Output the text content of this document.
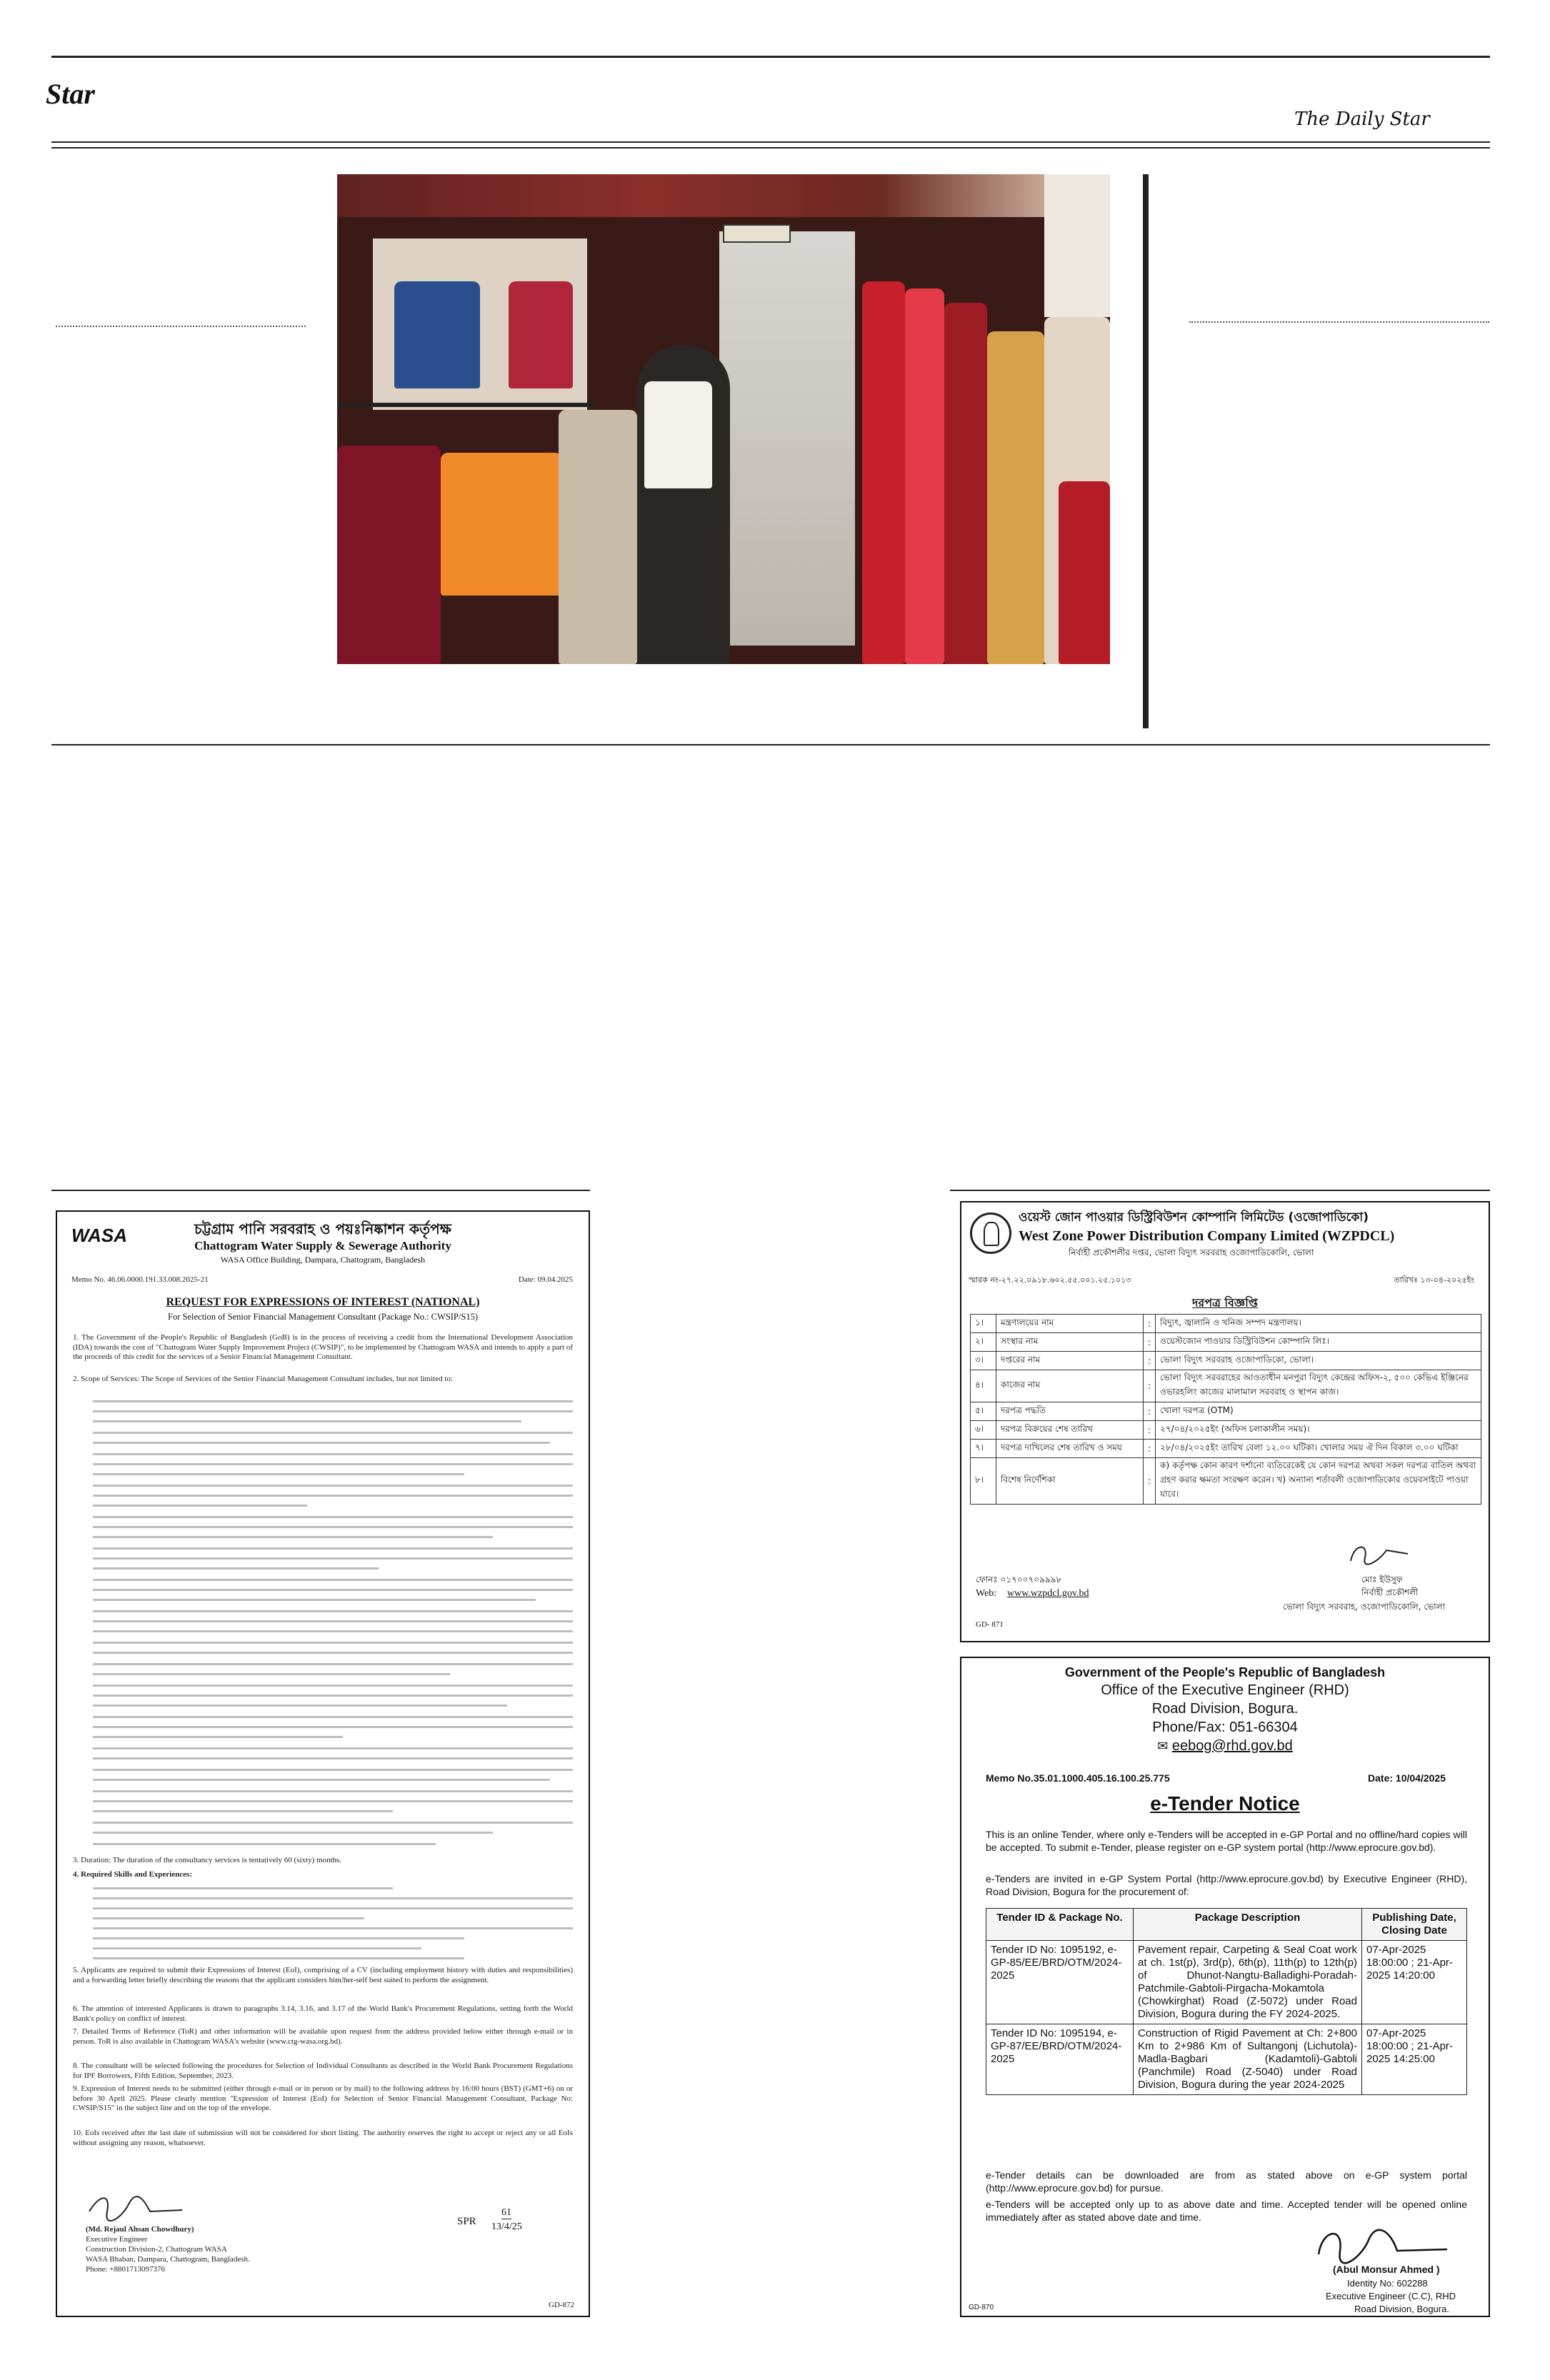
Star
The Daily Star
WASA	চট্টগ্রাম পানি সরবরাহ ও পয়ঃনিষ্কাশন কর্তৃপক্ষ
Chattogram Water Supply & Sewerage Authority
WASA Office Building, Dampara, Chattogram, Bangladesh
Memo No. 46.06.0000.191.33.008.2025-21	Date: 09.04.2025
REQUEST FOR EXPRESSIONS OF INTEREST (NATIONAL)
For Selection of Senior Financial Management Consultant (Package No.: CWSIP/S15)
1. The Government of the People's Republic of Bangladesh (GoB) is in the process of receiving a credit from the International Development Association (IDA) towards the cost of "Chattogram Water Supply Improvement Project (CWSIP)", to be implemented by Chattogram WASA and intends to apply a part of the proceeds of this credit for the services of a Senior Financial Management Consultant.
2. Scope of Services: The Scope of Services of the Senior Financial Management Consultant includes, but not limited to:
3. Duration: The duration of the consultancy services is tentatively 60 (sixty) months.
4. Required Skills and Experiences:
5. Applicants are required to submit their Expressions of Interest (EoI), comprising of a CV (including employment history with duties and responsibilities) and a forwarding letter briefly describing the reasons that the applicant considers him/her-self best suited to perform the assignment.
6. The attention of interested Applicants is drawn to paragraphs 3.14, 3.16, and 3.17 of the World Bank's Procurement Regulations, setting forth the World Bank's policy on conflict of interest.
7. Detailed Terms of Reference (ToR) and other information will be available upon request from the address provided below either through e-mail or in person. ToR is also available in Chattogram WASA's website (www.ctg-wasa.org.bd).
8. The consultant will be selected following the procedures for Selection of Individual Consultants as described in the World Bank Procurement Regulations for IPF Borrowers, Fifth Edition, September, 2023.
9. Expression of Interest needs to be submitted (either through e-mail or in person or by mail) to the following address by 16:00 hours (BST) (GMT+6) on or before 30 April 2025. Please clearly mention "Expression of Interest (EoI) for Selection of Senior Financial Management Consultant, Package No: CWSIP/S15" in the subject line and on the top of the envelope.
10. EoIs received after the last date of submission will not be considered for short listing. The authority reserves the right to accept or reject any or all EoIs without assigning any reason, whatsoever.
(Md. Rejaul Ahsan Chowdhury)
Executive Engineer
Construction Division-2, Chattogram WASA
WASA Bhaban, Dampara, Chattogram, Bangladesh.
Phone: +8801713097376
SPR
61
13/4/25
GD-872
ওয়েস্ট জোন পাওয়ার ডিস্ট্রিবিউশন কোম্পানি লিমিটেড (ওজোপাডিকো)
West Zone Power Distribution Company Limited (WZPDCL)
নির্বাহী প্রকৌশলীর দপ্তর, ভোলা বিদ্যুৎ সরবরাহ ওজোপাডিকোলি, ভোলা
স্মারক নং-২৭.২২.০৯১৮.৬০২.৫৫.০০১.২৫.১০১৩	তারিখঃ ১৩-০৪-২০২৫ইং
দরপত্র বিজ্ঞপ্তি
১।	মন্ত্রণালয়ের নাম	:	বিদ্যুৎ, জ্বালানি ও খনিজ সম্পদ মন্ত্রণালয়।
২।	সংস্থার নাম	:	ওয়েস্টজোন পাওয়ার ডিস্ট্রিবিউশন কোম্পানি লিঃ।
৩।	দপ্তরের নাম	:	ভোলা বিদ্যুৎ সরবরাহ ওজোপাডিকো, ভোলা।
৪।	কাজের নাম	:	ভোলা বিদ্যুৎ সরবরাহের আওতাধীন মনপুরা বিদ্যুৎ কেন্দ্রের অফিস-২, ৫০০ কেভিএ ইঞ্জিনের ওভারহলিং কাজের মালামাল সরবরাহ ও স্থাপন কাজ।
৫।	দরপত্র পদ্ধতি	:	খোলা দরপত্র (OTM)
৬।	দরপত্র বিক্রয়ের শেষ তারিখ	:	২৭/০৪/২০২৫ইং (অফিস চলাকালীন সময়)।
৭।	দরপত্র দাখিলের শেষ তারিখ ও সময়	:	২৮/০৪/২০২৫ইং তারিখ বেলা ১২.০০ ঘটিকা। খোলার সময় ঐ দিন বিকাল ৩.০০ ঘটিকা
৮।	বিশেষ নির্দেশিকা	:	ক) কর্তৃপক্ষ কোন কারণ দর্শানো ব্যতিরেকেই যে কোন দরপত্র অথবা সকল দরপত্র বাতিল অথবা গ্রহণ করার ক্ষমতা সংরক্ষণ করেন। খ) অন্যান্য শর্তাবলী ওজোপাডিকোর ওয়েবসাইটে পাওয়া যাবে।
ফোনঃ ০১৭০০৭০৯৯৯৮
Web: www.wzpdcl.gov.bd
মোঃ ইউসুফ
নির্বাহী প্রকৌশলী
ভোলা বিদ্যুৎ সরবরাহ, ওজোপাডিকোলি, ভোলা
GD- 871
Government of the People's Republic of Bangladesh
Office of the Executive Engineer (RHD)
Road Division, Bogura.
Phone/Fax: 051-66304
✉ eebog@rhd.gov.bd
Memo No.35.01.1000.405.16.100.25.775	Date: 10/04/2025
e-Tender Notice
This is an online Tender, where only e-Tenders will be accepted in e-GP Portal and no offline/hard copies will be accepted. To submit e-Tender, please register on e-GP system portal (http://www.eprocure.gov.bd).
e-Tenders are invited in e-GP System Portal (http://www.eprocure.gov.bd) by Executive Engineer (RHD), Road Division, Bogura for the procurement of:
Tender ID & Package No.	Package Description	Publishing Date, Closing Date
Tender ID No: 1095192, e-GP-85/EE/BRD/OTM/2024-2025	Pavement repair, Carpeting & Seal Coat work at ch. 1st(p), 3rd(p), 6th(p), 11th(p) to 12th(p) of Dhunot-Nangtu-Balladighi-Poradah-Patchmile-Gabtoli-Pirgacha-Mokamtola (Chowkirghat) Road (Z-5072) under Road Division, Bogura during the FY 2024-2025.	07-Apr-2025 18:00:00 ; 21-Apr-2025 14:20:00
Tender ID No: 1095194, e-GP-87/EE/BRD/OTM/2024-2025	Construction of Rigid Pavement at Ch: 2+800 Km to 2+986 Km of Sultangonj (Lichutola)-Madla-Bagbari (Kadamtoli)-Gabtoli (Panchmile) Road (Z-5040) under Road Division, Bogura during the year 2024-2025	07-Apr-2025 18:00:00 ; 21-Apr-2025 14:25:00
e-Tender details can be downloaded are from as stated above on e-GP system portal (http://www.eprocure.gov.bd) for pursue.
e-Tenders will be accepted only up to as above date and time. Accepted tender will be opened online immediately after as stated above date and time.
(Abul Monsur Ahmed )
Identity No: 602288
Executive Engineer (C.C), RHD
Road Division, Bogura.
GD-870
